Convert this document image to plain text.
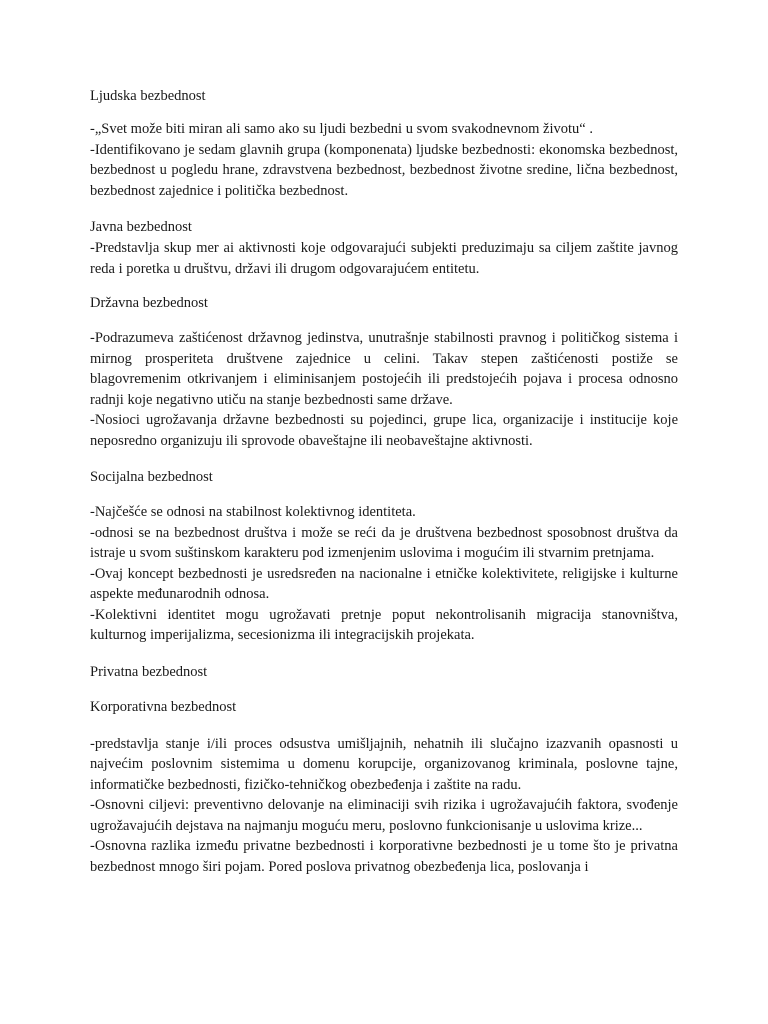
Ljudska bezbednost

-„Svet može biti miran ali samo ako su ljudi bezbedni u svom svakodnevnom životu“ .

-Identifikovano je sedam glavnih grupa (komponenata) ljudske bezbednosti: ekonomska bezbednost, bezbednost u pogledu hrane, zdravstvena bezbednost, bezbednost životne sredine, lična bezbednost, bezbednost zajednice i politička bezbednost.

Javna bezbednost

-Predstavlja skup mer ai aktivnosti koje odgovarajući subjekti preduzimaju sa ciljem zaštite javnog reda i poretka u društvu, državi ili drugom odgovarajućem entitetu.

Državna bezbednost

-Podrazumeva zaštićenost državnog jedinstva, unutrašnje stabilnosti pravnog i političkog sistema i mirnog prosperiteta društvene zajednice u celini. Takav stepen zaštićenosti postiže se blagovremenim otkrivanjem i eliminisanjem postojećih ili predstojećih pojava i procesa odnosno radnji koje negativno utiču na stanje bezbednosti same države.

-Nosioci ugrožavanja državne bezbednosti su pojedinci, grupe lica, organizacije i institucije koje neposredno organizuju ili sprovode obaveštajne ili neobaveštajne aktivnosti.

Socijalna bezbednost

-Najčešće se odnosi na stabilnost kolektivnog identiteta.

-odnosi se na bezbednost društva i može se reći da je društvena bezbednost sposobnost društva da istraje u svom suštinskom karakteru pod izmenjenim uslovima i mogućim ili stvarnim pretnjama.

-Ovaj koncept bezbednosti je usredsređen na nacionalne i etničke kolektivitete, religijske i kulturne aspekte međunarodnih odnosa.

-Kolektivni identitet mogu ugrožavati pretnje poput nekontrolisanih migracija stanovništva, kulturnog imperijalizma, secesionizma ili integracijskih projekata.

Privatna bezbednost

Korporativna bezbednost

-predstavlja stanje i/ili proces odsustva umišljajnih, nehatnih ili slučajno izazvanih opasnosti u najvećim poslovnim sistemima u domenu korupcije, organizovanog kriminala, poslovne tajne, informatičke bezbednosti, fizičko-tehničkog obezbeđenja i zaštite na radu.

-Osnovni ciljevi: preventivno delovanje na eliminaciji svih rizika i ugrožavajućih faktora, svođenje ugrožavajućih dejstava na najmanju moguću meru, poslovno funkcionisanje u uslovima krize...

-Osnovna razlika između privatne bezbednosti i korporativne bezbednosti je u tome što je privatna bezbednost mnogo širi pojam. Pored poslova privatnog obezbeđenja lica, poslovanja i
